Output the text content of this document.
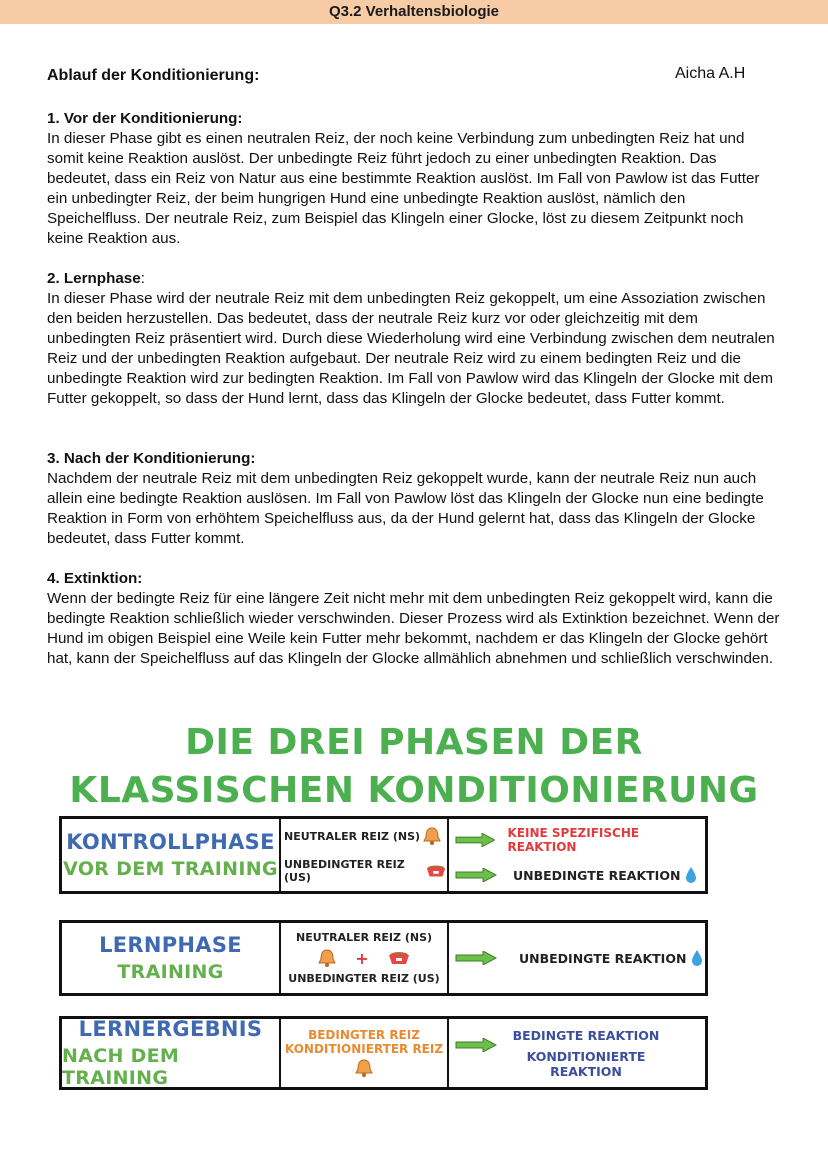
Q3.2 Verhaltensbiologie
Ablauf der Konditionierung:	Aicha A.H
1. Vor der Konditionierung:

In dieser Phase gibt es einen neutralen Reiz, der noch keine Verbindung zum unbedingten Reiz hat und somit keine Reaktion auslöst. Der unbedingte Reiz führt jedoch zu einer unbedingten Reaktion. Das bedeutet, dass ein Reiz von Natur aus eine bestimmte Reaktion auslöst. Im Fall von Pawlow ist das Futter ein unbedingter Reiz, der beim hungrigen Hund eine unbedingte Reaktion auslöst, nämlich den Speichelfluss. Der neutrale Reiz, zum Beispiel das Klingeln einer Glocke, löst zu diesem Zeitpunkt noch keine Reaktion aus.

2. Lernphase:

In dieser Phase wird der neutrale Reiz mit dem unbedingten Reiz gekoppelt, um eine Assoziation zwischen den beiden herzustellen. Das bedeutet, dass der neutrale Reiz kurz vor oder gleichzeitig mit dem unbedingten Reiz präsentiert wird. Durch diese Wiederholung wird eine Verbindung zwischen dem neutralen Reiz und der unbedingten Reaktion aufgebaut. Der neutrale Reiz wird zu einem bedingten Reiz und die unbedingte Reaktion wird zur bedingten Reaktion. Im Fall von Pawlow wird das Klingeln der Glocke mit dem Futter gekoppelt, so dass der Hund lernt, dass das Klingeln der Glocke bedeutet, dass Futter kommt.

3. Nach der Konditionierung:

Nachdem der neutrale Reiz mit dem unbedingten Reiz gekoppelt wurde, kann der neutrale Reiz nun auch allein eine bedingte Reaktion auslösen. Im Fall von Pawlow löst das Klingeln der Glocke nun eine bedingte Reaktion in Form von erhöhtem Speichelfluss aus, da der Hund gelernt hat, dass das Klingeln der Glocke bedeutet, dass Futter kommt.

4. Extinktion:

Wenn der bedingte Reiz für eine längere Zeit nicht mehr mit dem unbedingten Reiz gekoppelt wird, kann die bedingte Reaktion schließlich wieder verschwinden. Dieser Prozess wird als Extinktion bezeichnet. Wenn der Hund im obigen Beispiel eine Weile kein Futter mehr bekommt, nachdem er das Klingeln der Glocke gehört hat, kann der Speichelfluss auf das Klingeln der Glocke allmählich abnehmen und schließlich verschwinden.

DIE DREI PHASEN DER
KLASSISCHEN KONDITIONIERUNG
KONTROLLPHASE
VOR DEM TRAINING
NEUTRALER REIZ (NS)
UNBEDINGTER REIZ (US)
KEINE SPEZIFISCHE REAKTION
UNBEDINGTE REAKTION
LERNPHASE
TRAINING
NEUTRALER REIZ (NS)
+
UNBEDINGTER REIZ (US)
UNBEDINGTE REAKTION
LERNERGEBNIS
NACH DEM TRAINING
BEDINGTER REIZ
KONDITIONIERTER REIZ
BEDINGTE REAKTION
KONDITIONIERTE REAKTION
